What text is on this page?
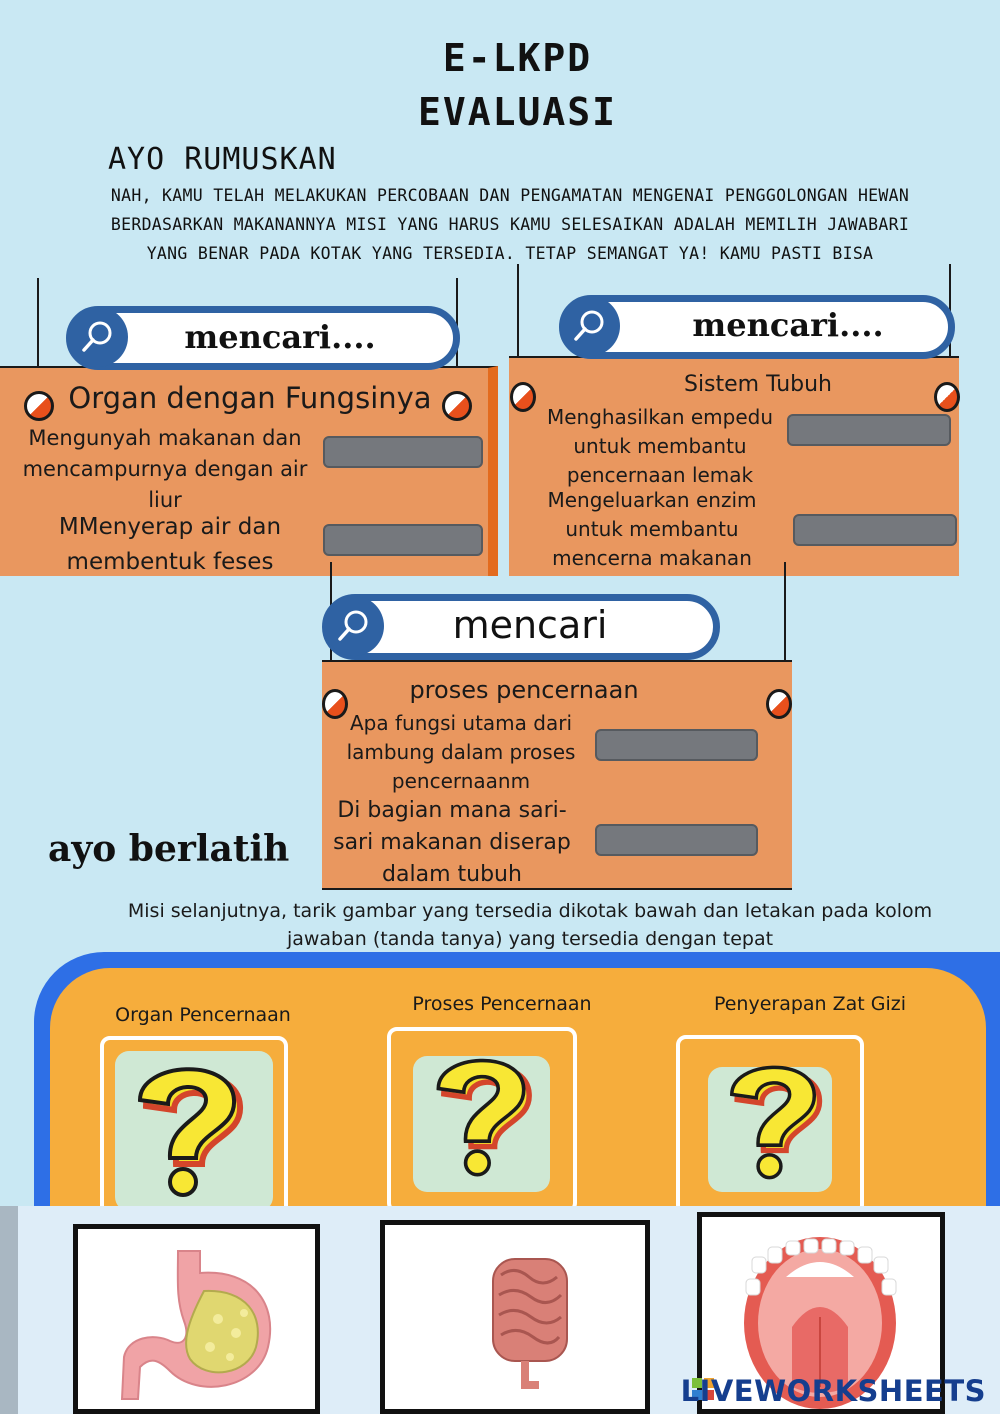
E-LKPD
EVALUASI
AYO RUMUSKAN
NAH, KAMU TELAH MELAKUKAN PERCOBAAN DAN PENGAMATAN MENGENAI PENGGOLONGAN HEWAN
BERDASARKAN MAKANANNYA MISI YANG HARUS KAMU SELESAIKAN ADALAH MEMILIH JAWABARI
YANG BENAR PADA KOTAK YANG TERSEDIA. TETAP SEMANGAT YA! KAMU PASTI BISA
mencari....
Organ dengan Fungsinya
Mengunyah makanan dan
mencampurnya dengan air
liur
MMenyerap air dan
membentuk feses
mencari....
Sistem Tubuh
Menghasilkan empedu
untuk membantu
pencernaan lemak
Mengeluarkan enzim
untuk membantu
mencerna makanan
mencari
proses pencernaan
Apa fungsi utama dari
lambung dalam proses
pencernaanm
Di bagian mana sari-
sari makanan diserap
dalam tubuh
ayo berlatih
Misi selanjutnya, tarik gambar yang tersedia dikotak bawah dan letakan pada kolom
jawaban (tanda tanya) yang tersedia dengan tepat
Organ Pencernaan	Proses Pencernaan	Penyerapan Zat Gizi
LIVEWORKSHEETS
